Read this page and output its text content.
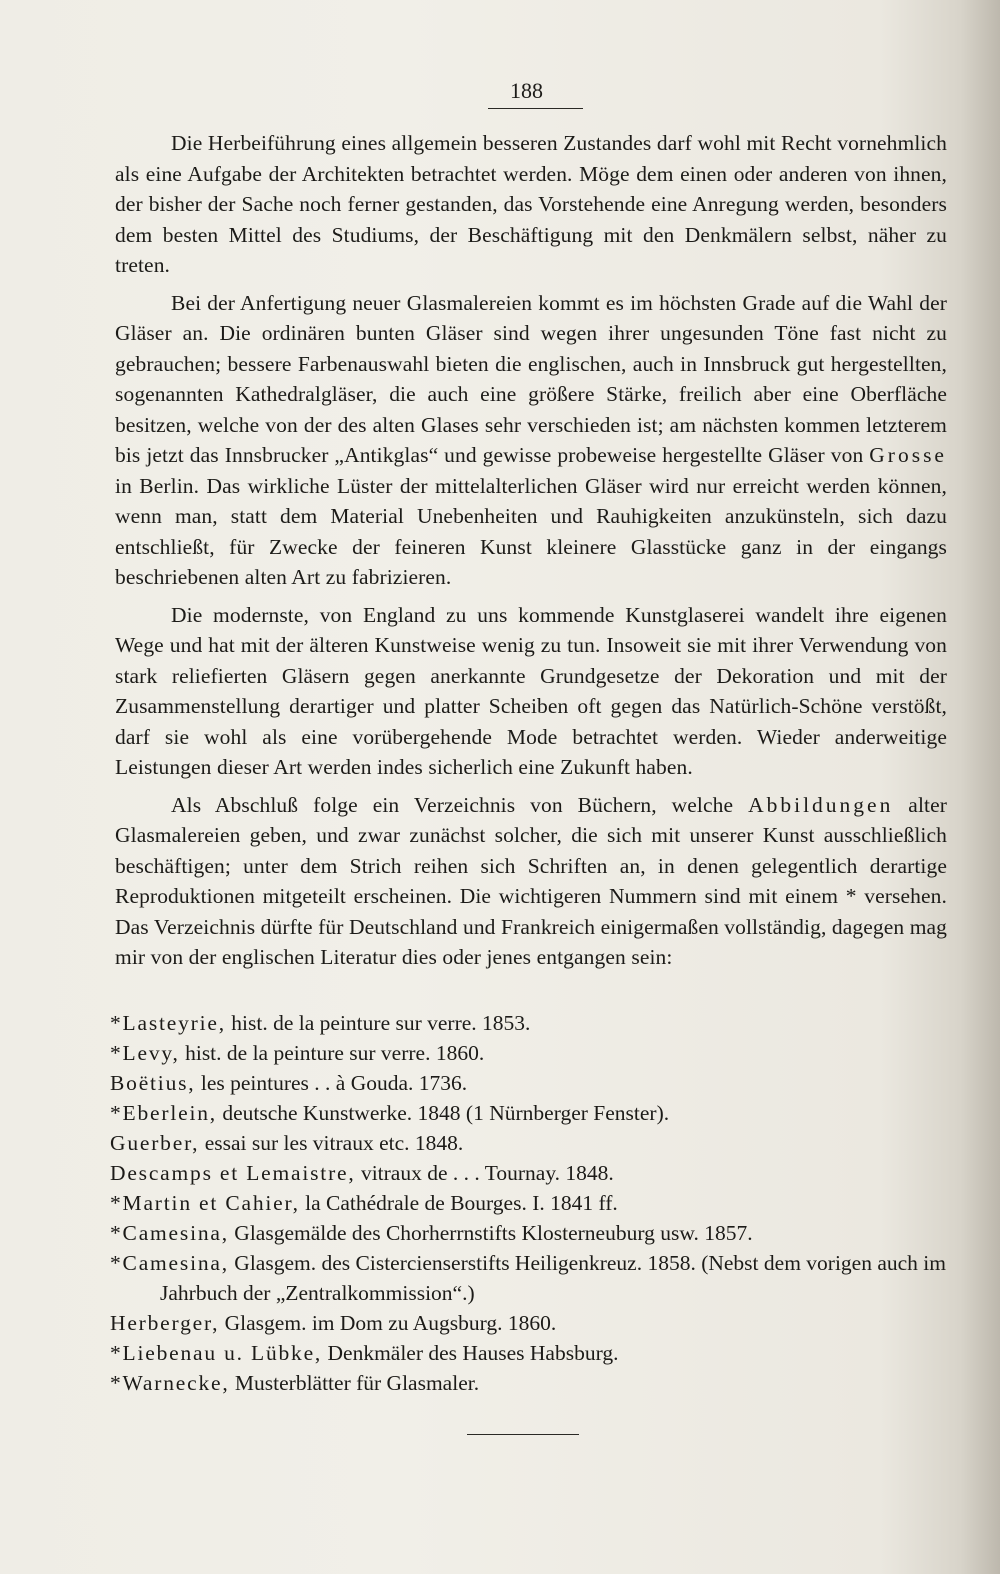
188

Die Herbeiführung eines allgemein besseren Zustandes darf wohl mit Recht vornehmlich als eine Aufgabe der Architekten betrachtet werden. Möge dem einen oder anderen von ihnen, der bisher der Sache noch ferner gestanden, das Vorstehende eine Anregung werden, besonders dem besten Mittel des Studiums, der Beschäftigung mit den Denkmälern selbst, näher zu treten.

Bei der Anfertigung neuer Glasmalereien kommt es im höchsten Grade auf die Wahl der Gläser an. Die ordinären bunten Gläser sind wegen ihrer ungesunden Töne fast nicht zu gebrauchen; bessere Farbenauswahl bieten die englischen, auch in Innsbruck gut hergestellten, sogenannten Kathedralgläser, die auch eine größere Stärke, freilich aber eine Oberfläche besitzen, welche von der des alten Glases sehr verschieden ist; am nächsten kommen letzterem bis jetzt das Innsbrucker „Antikglas“ und gewisse probeweise hergestellte Gläser von Grosse in Berlin. Das wirkliche Lüster der mittelalterlichen Gläser wird nur erreicht werden können, wenn man, statt dem Material Unebenheiten und Rauhigkeiten anzukünsteln, sich dazu entschließt, für Zwecke der feineren Kunst kleinere Glasstücke ganz in der eingangs beschriebenen alten Art zu fabrizieren.

Die modernste, von England zu uns kommende Kunstglaserei wandelt ihre eigenen Wege und hat mit der älteren Kunstweise wenig zu tun. Insoweit sie mit ihrer Verwendung von stark reliefierten Gläsern gegen anerkannte Grundgesetze der Dekoration und mit der Zusammenstellung derartiger und platter Scheiben oft gegen das Natürlich-Schöne verstößt, darf sie wohl als eine vorübergehende Mode betrachtet werden. Wieder anderweitige Leistungen dieser Art werden indes sicherlich eine Zukunft haben.

Als Abschluß folge ein Verzeichnis von Büchern, welche Abbildungen alter Glasmalereien geben, und zwar zunächst solcher, die sich mit unserer Kunst ausschließlich beschäftigen; unter dem Strich reihen sich Schriften an, in denen gelegentlich derartige Reproduktionen mitgeteilt erscheinen. Die wichtigeren Nummern sind mit einem * versehen. Das Verzeichnis dürfte für Deutschland und Frankreich einigermaßen vollständig, dagegen mag mir von der englischen Literatur dies oder jenes entgangen sein:

*Lasteyrie, hist. de la peinture sur verre. 1853.
*Levy, hist. de la peinture sur verre. 1860.
Boëtius, les peintures . . à Gouda. 1736.
*Eberlein, deutsche Kunstwerke. 1848 (1 Nürnberger Fenster).
Guerber, essai sur les vitraux etc. 1848.
Descamps et Lemaistre, vitraux de . . . Tournay. 1848.
*Martin et Cahier, la Cathédrale de Bourges. I. 1841 ff.
*Camesina, Glasgemälde des Chorherrnstifts Klosterneuburg usw. 1857.
*Camesina, Glasgem. des Cistercienserstifts Heiligenkreuz. 1858. (Nebst dem vorigen auch im Jahrbuch der „Zentralkommission“.)
Herberger, Glasgem. im Dom zu Augsburg. 1860.
*Liebenau u. Lübke, Denkmäler des Hauses Habsburg.
*Warnecke, Musterblätter für Glasmaler.
